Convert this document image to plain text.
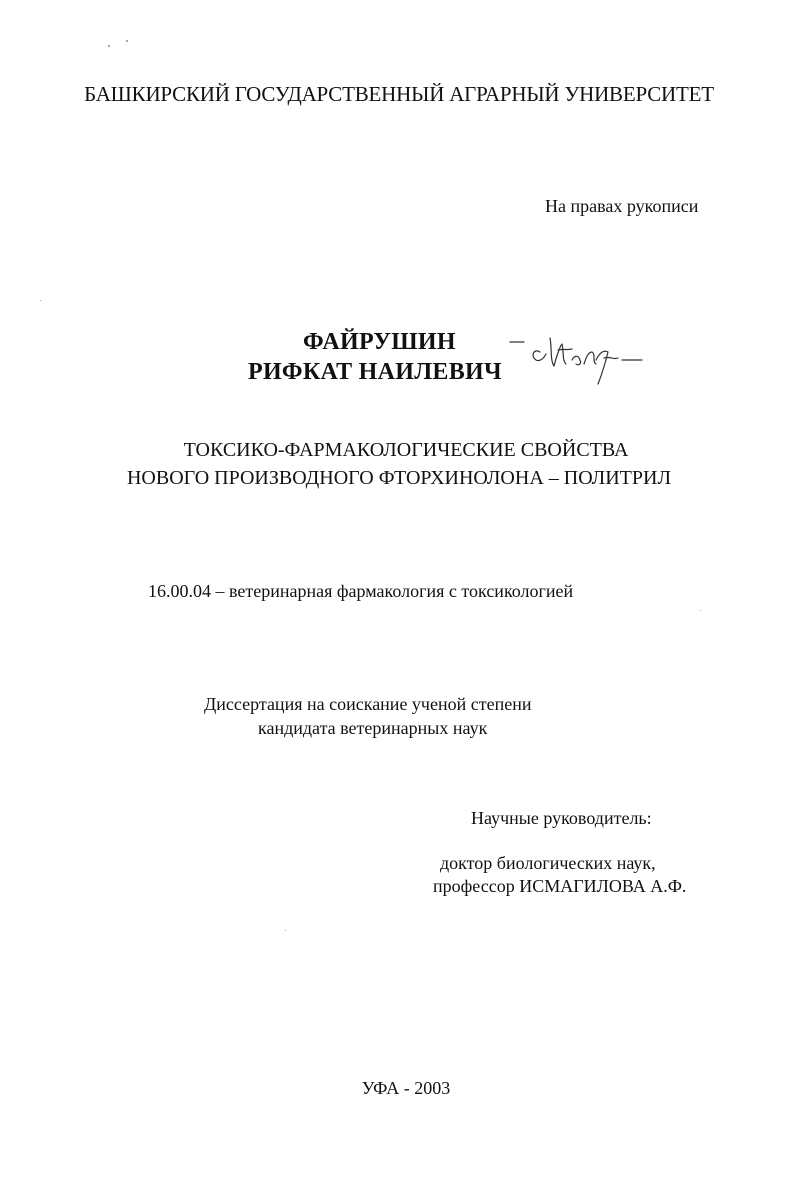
БАШКИРСКИЙ ГОСУДАРСТВЕННЫЙ АГРАРНЫЙ УНИВЕРСИТЕТ
На правах рукописи
ФАЙРУШИН
РИФКАТ НАИЛЕВИЧ
ТОКСИКО-ФАРМАКОЛОГИЧЕСКИЕ СВОЙСТВА
НОВОГО ПРОИЗВОДНОГО ФТОРХИНОЛОНА – ПОЛИТРИЛ
16.00.04 – ветеринарная фармакология с токсикологией
Диссертация на соискание ученой степени
кандидата ветеринарных наук
Научные руководитель:
доктор биологических наук,
профессор ИСМАГИЛОВА А.Ф.
УФА - 2003
